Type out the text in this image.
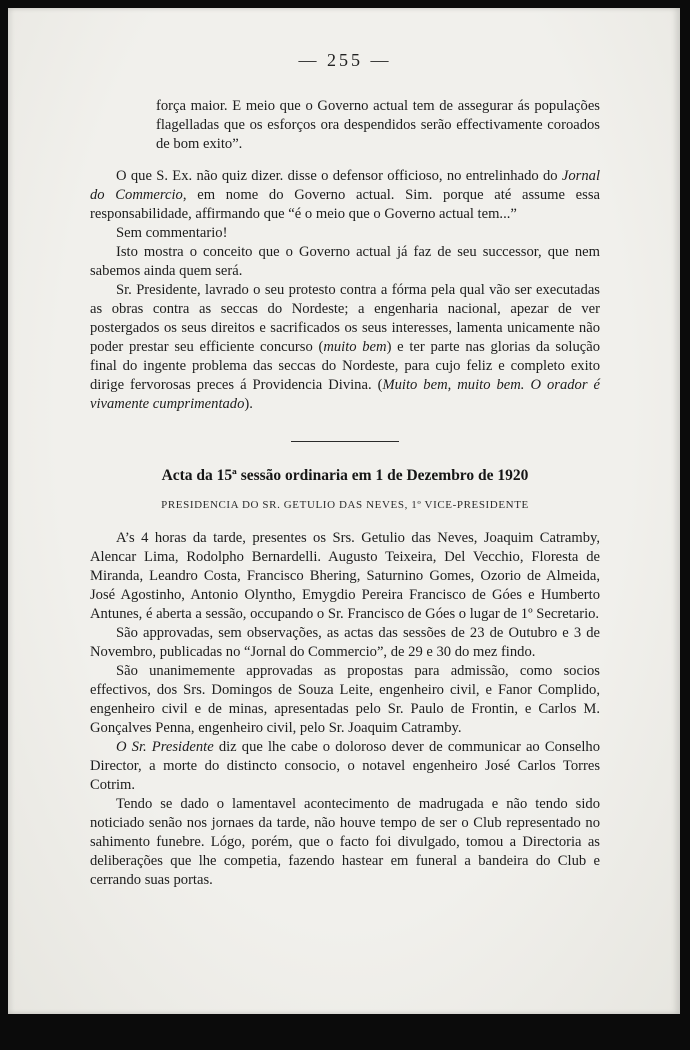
— 255 —

força maior. E meio que o Governo actual tem de assegurar ás populações flagelladas que os esforços ora despendidos serão effectivamente coroados de bom exito”.

O que S. Ex. não quiz dizer. disse o defensor officioso, no entrelinhado do Jornal do Commercio, em nome do Governo actual. Sim. porque até assume essa responsabilidade, affirmando que “é o meio que o Governo actual tem...”

Sem commentario!

Isto mostra o conceito que o Governo actual já faz de seu successor, que nem sabemos ainda quem será.

Sr. Presidente, lavrado o seu protesto contra a fórma pela qual vão ser executadas as obras contra as seccas do Nordeste; a engenharia nacional, apezar de ver postergados os seus direitos e sacrificados os seus interesses, lamenta unicamente não poder prestar seu efficiente concurso (muito bem) e ter parte nas glorias da solução final do ingente problema das seccas do Nordeste, para cujo feliz e completo exito dirige fervorosas preces á Providencia Divina. (Muito bem, muito bem. O orador é vivamente cumprimentado).

Acta da 15ª sessão ordinaria em 1 de Dezembro de 1920
PRESIDENCIA DO SR. GETULIO DAS NEVES, 1º VICE-PRESIDENTE

A’s 4 horas da tarde, presentes os Srs. Getulio das Neves, Joaquim Catramby, Alencar Lima, Rodolpho Bernardelli. Augusto Teixeira, Del Vecchio, Floresta de Miranda, Leandro Costa, Francisco Bhering, Saturnino Gomes, Ozorio de Almeida, José Agostinho, Antonio Olyntho, Emygdio Pereira Francisco de Góes e Humberto Antunes, é aberta a sessão, occupando o Sr. Francisco de Góes o lugar de 1º Secretario.

São approvadas, sem observações, as actas das sessões de 23 de Outubro e 3 de Novembro, publicadas no “Jornal do Commercio”, de 29 e 30 do mez findo.

São unanimemente approvadas as propostas para admissão, como socios effectivos, dos Srs. Domingos de Souza Leite, engenheiro civil, e Fanor Complido, engenheiro civil e de minas, apresentadas pelo Sr. Paulo de Frontin, e Carlos M. Gonçalves Penna, engenheiro civil, pelo Sr. Joaquim Catramby.

O Sr. Presidente diz que lhe cabe o doloroso dever de communicar ao Conselho Director, a morte do distincto consocio, o notavel engenheiro José Carlos Torres Cotrim.

Tendo se dado o lamentavel acontecimento de madrugada e não tendo sido noticiado senão nos jornaes da tarde, não houve tempo de ser o Club representado no sahimento funebre. Lógo, porém, que o facto foi divulgado, tomou a Directoria as deliberações que lhe competia, fazendo hastear em funeral a bandeira do Club e cerrando suas portas.
